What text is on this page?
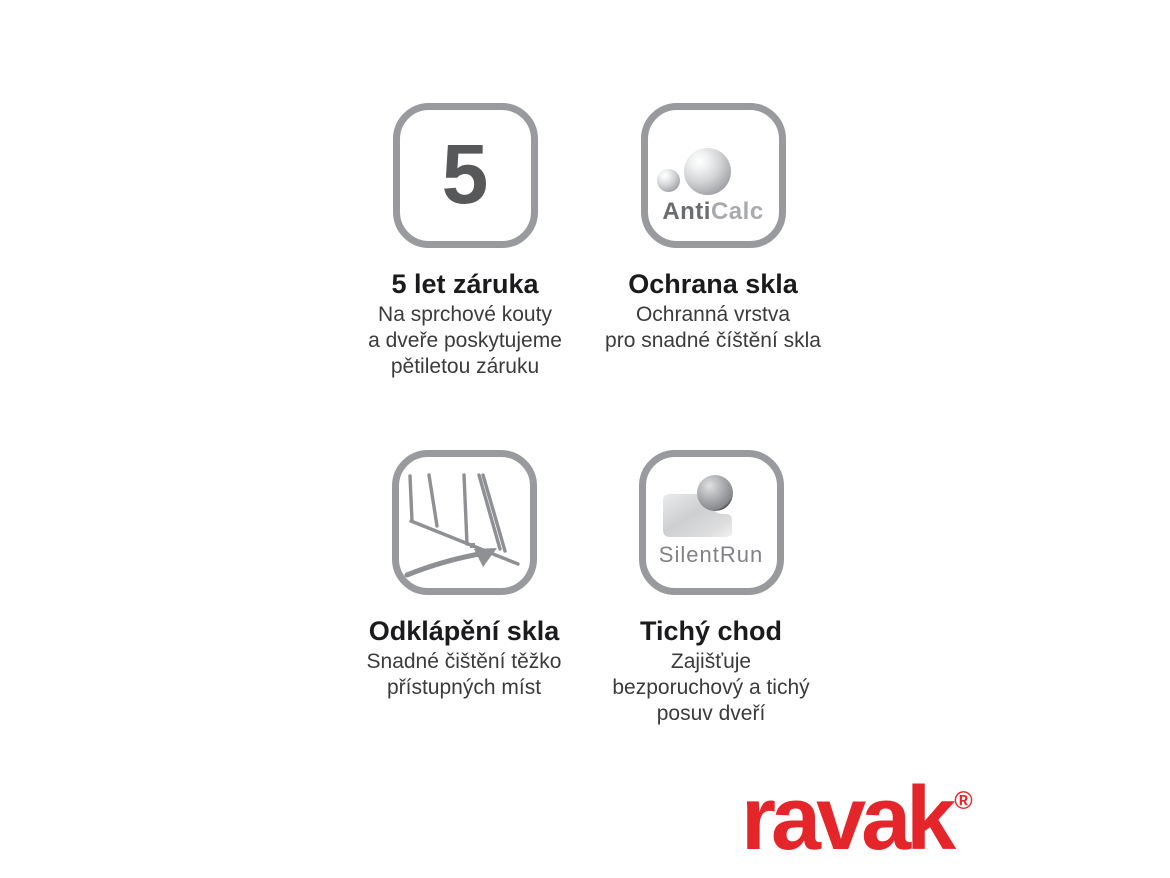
5
5 let záruka
Na sprchové kouty
a dveře poskytujeme
pětiletou záruku
AntiCalc
Ochrana skla
Ochranná vrstva
pro snadné číštění skla
Odklápění skla
Snadné čištění těžko
přístupných míst
SilentRun
Tichý chod
Zajišťuje
bezporuchový a tichý
posuv dveří
ravak ®
